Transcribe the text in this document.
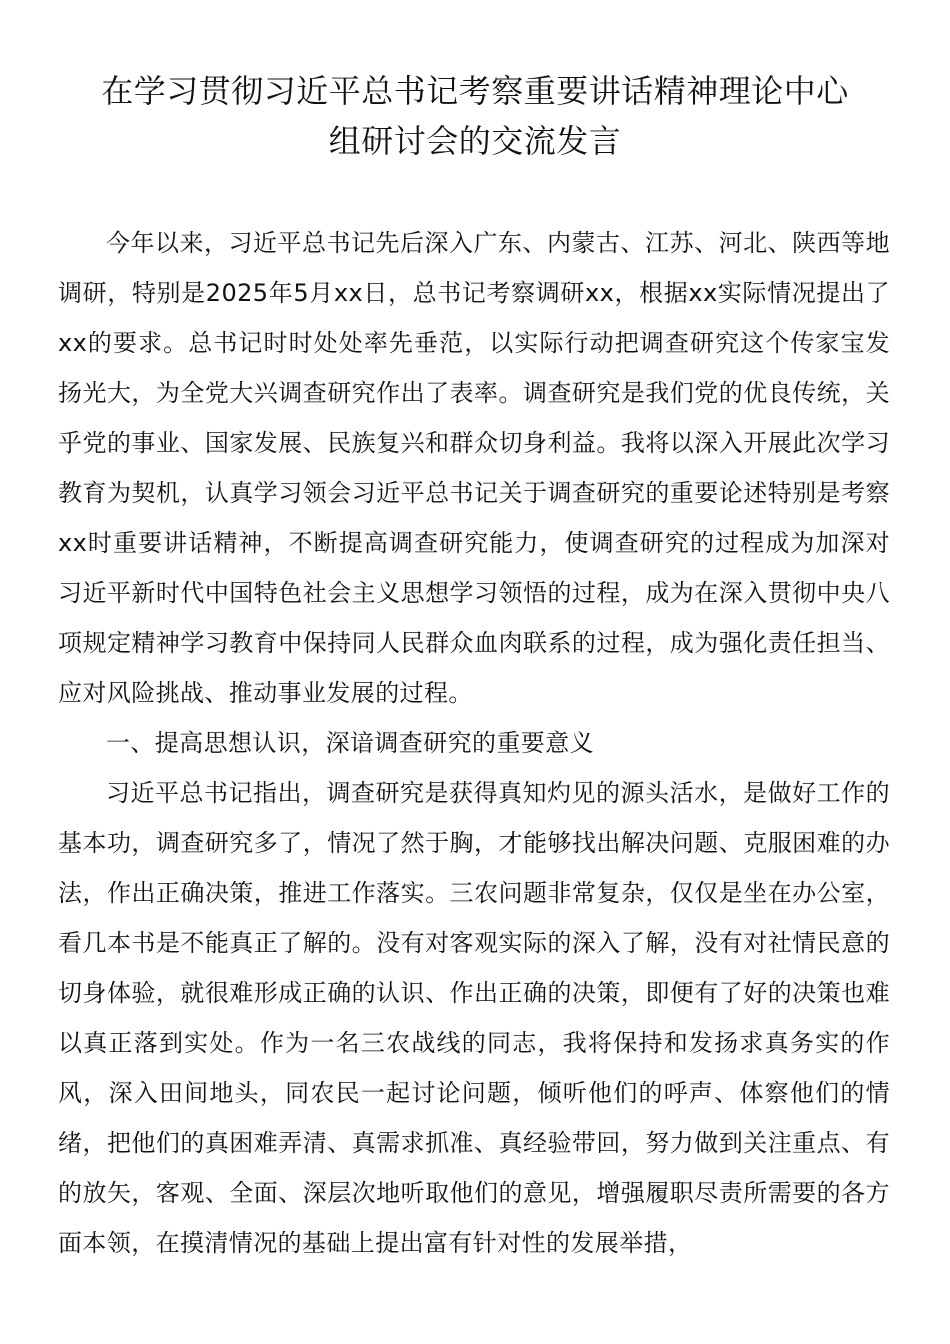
在学习贯彻习近平总书记考察重要讲话精神理论中心
组研讨会的交流发言

今年以来，习近平总书记先后深入广东、内蒙古、江苏、河北、陕西等地调研，特别是2025年5月xx日，总书记考察调研xx，根据xx实际情况提出了xx的要求。总书记时时处处率先垂范，以实际行动把调查研究这个传家宝发扬光大，为全党大兴调查研究作出了表率。调查研究是我们党的优良传统，关乎党的事业、国家发展、民族复兴和群众切身利益。我将以深入开展此次学习教育为契机，认真学习领会习近平总书记关于调查研究的重要论述特别是考察xx时重要讲话精神，不断提高调查研究能力，使调查研究的过程成为加深对习近平新时代中国特色社会主义思想学习领悟的过程，成为在深入贯彻中央八项规定精神学习教育中保持同人民群众血肉联系的过程，成为强化责任担当、应对风险挑战、推动事业发展的过程。

一、提高思想认识，深谙调查研究的重要意义

习近平总书记指出，调查研究是获得真知灼见的源头活水，是做好工作的基本功，调查研究多了，情况了然于胸，才能够找出解决问题、克服困难的办法，作出正确决策，推进工作落实。三农问题非常复杂，仅仅是坐在办公室，看几本书是不能真正了解的。没有对客观实际的深入了解，没有对社情民意的切身体验，就很难形成正确的认识、作出正确的决策，即便有了好的决策也难以真正落到实处。作为一名三农战线的同志，我将保持和发扬求真务实的作风，深入田间地头，同农民一起讨论问题，倾听他们的呼声、体察他们的情绪，把他们的真困难弄清、真需求抓准、真经验带回，努力做到关注重点、有的放矢，客观、全面、深层次地听取他们的意见，增强履职尽责所需要的各方面本领，在摸清情况的基础上提出富有针对性的发展举措，
